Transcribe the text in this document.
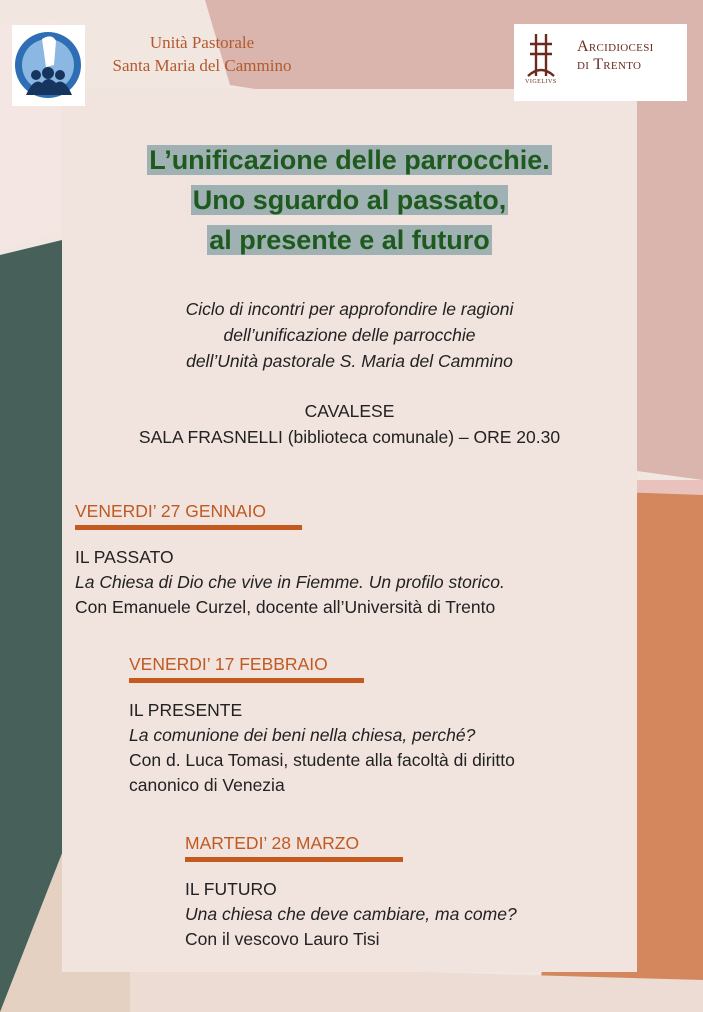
Unità Pastorale
Santa Maria del Cammino
Arcidiocesi
di Trento
VIGELIVS
L’unificazione delle parrocchie.
Uno sguardo al passato,
al presente e al futuro
Ciclo di incontri per approfondire le ragioni
dell’unificazione delle parrocchie
dell’Unità pastorale S. Maria del Cammino
CAVALESE
SALA FRASNELLI (biblioteca comunale) – ORE 20.30
VENERDI’ 27 GENNAIO

IL PASSATO

La Chiesa di Dio che vive in Fiemme. Un profilo storico.

Con Emanuele Curzel, docente all’Università di Trento

VENERDI’ 17 FEBBRAIO

IL PRESENTE

La comunione dei beni nella chiesa, perché?

Con d. Luca Tomasi, studente alla facoltà di diritto

canonico di Venezia

MARTEDI’ 28 MARZO

IL FUTURO

Una chiesa che deve cambiare, ma come?

Con il vescovo Lauro Tisi
